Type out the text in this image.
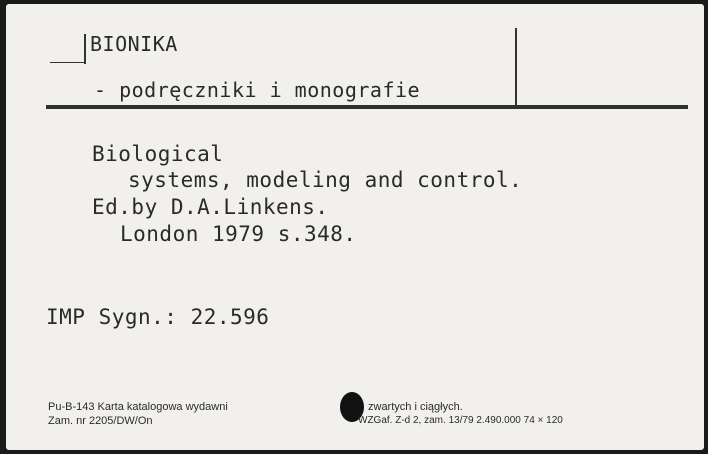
BIONIKA
- podręczniki i monografie
Biological
systems, modeling and control.
Ed.by D.A.Linkens.
London 1979 s.348.
IMP Sygn.: 22.596
Pu-B-143 Karta katalogowa wydawni	zwartych i ciągłych.
Zam. nr 2205/DW/On	WZGaf. Z-d 2, zam. 13/79 2.490.000 74 × 120
